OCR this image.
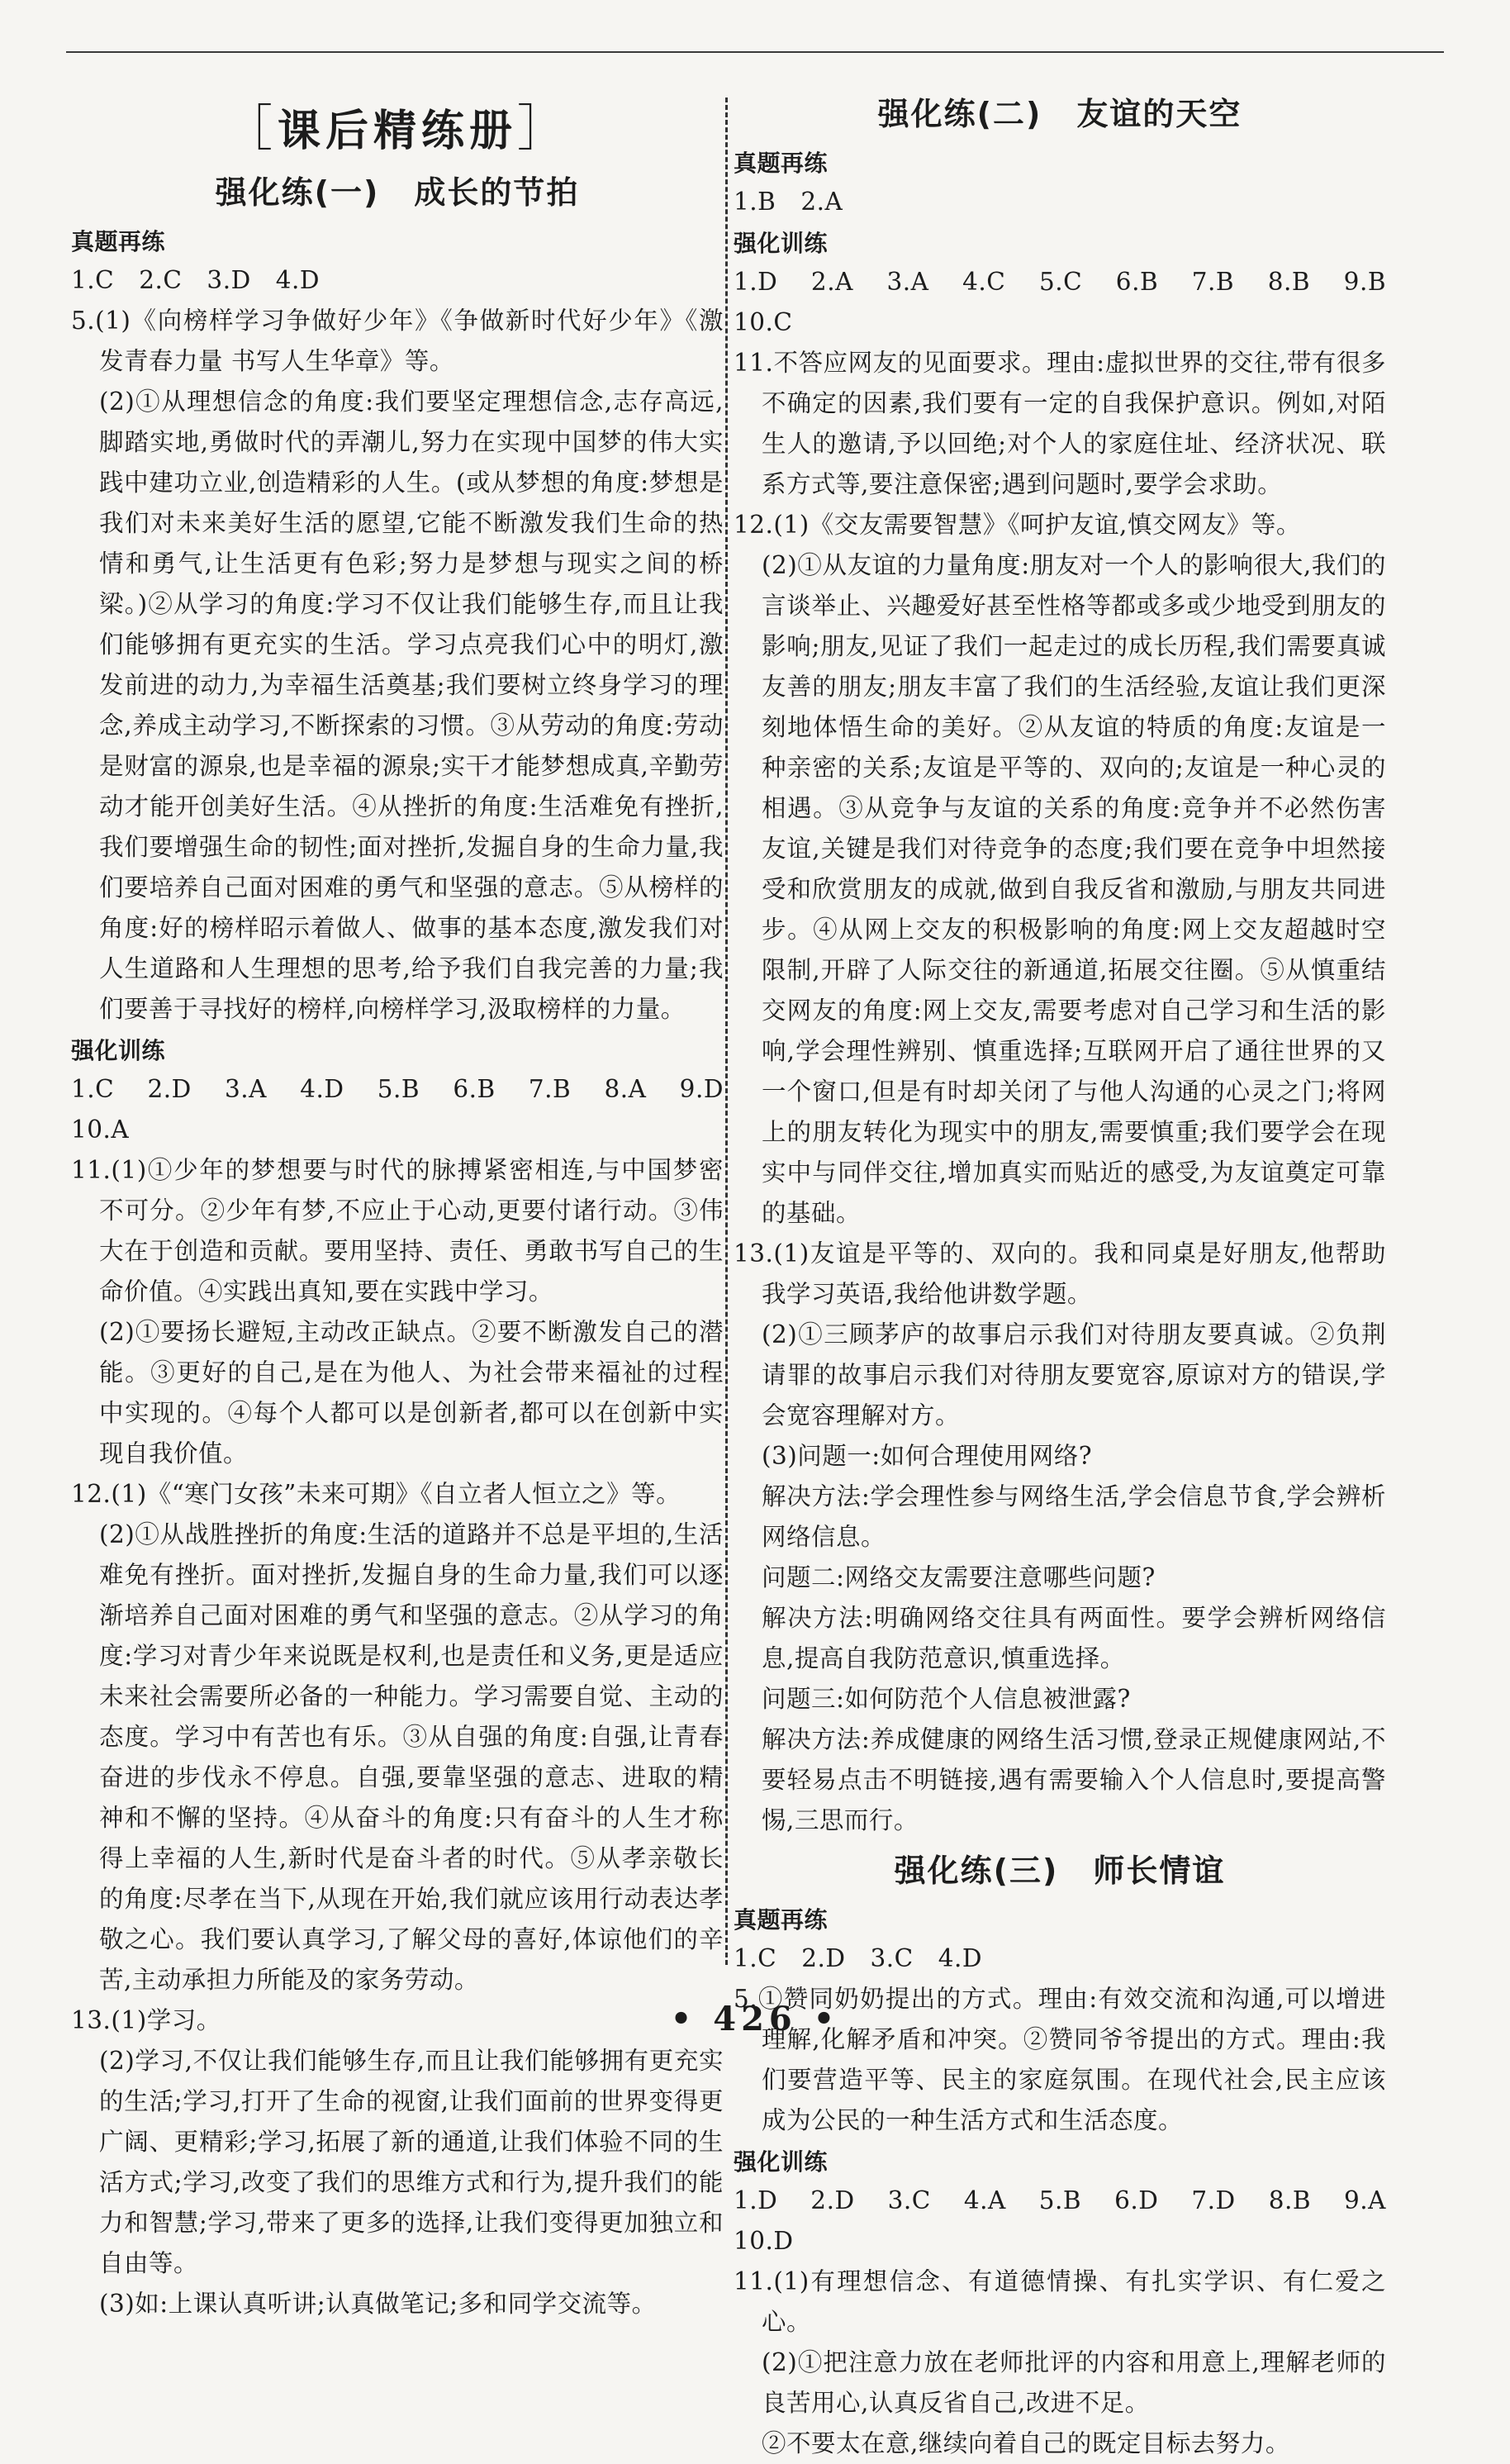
［课后精练册］
强化练(一) 成长的节拍
真题再练
1.C　2.C　3.D　4.D
5.(1)《向榜样学习争做好少年》《争做新时代好少年》《激发青春力量 书写人生华章》等。
(2)①从理想信念的角度:我们要坚定理想信念,志存高远,脚踏实地,勇做时代的弄潮儿,努力在实现中国梦的伟大实践中建功立业,创造精彩的人生。(或从梦想的角度:梦想是我们对未来美好生活的愿望,它能不断激发我们生命的热情和勇气,让生活更有色彩;努力是梦想与现实之间的桥梁。)②从学习的角度:学习不仅让我们能够生存,而且让我们能够拥有更充实的生活。学习点亮我们心中的明灯,激发前进的动力,为幸福生活奠基;我们要树立终身学习的理念,养成主动学习,不断探索的习惯。③从劳动的角度:劳动是财富的源泉,也是幸福的源泉;实干才能梦想成真,辛勤劳动才能开创美好生活。④从挫折的角度:生活难免有挫折,我们要增强生命的韧性;面对挫折,发掘自身的生命力量,我们要培养自己面对困难的勇气和坚强的意志。⑤从榜样的角度:好的榜样昭示着做人、做事的基本态度,激发我们对人生道路和人生理想的思考,给予我们自我完善的力量;我们要善于寻找好的榜样,向榜样学习,汲取榜样的力量。
强化训练
1.C　2.D　3.A　4.D　5.B　6.B　7.B　8.A　9.D　10.A
11.(1)①少年的梦想要与时代的脉搏紧密相连,与中国梦密不可分。②少年有梦,不应止于心动,更要付诸行动。③伟大在于创造和贡献。要用坚持、责任、勇敢书写自己的生命价值。④实践出真知,要在实践中学习。
(2)①要扬长避短,主动改正缺点。②要不断激发自己的潜能。③更好的自己,是在为他人、为社会带来福祉的过程中实现的。④每个人都可以是创新者,都可以在创新中实现自我价值。
12.(1)《“寒门女孩”未来可期》《自立者人恒立之》等。
(2)①从战胜挫折的角度:生活的道路并不总是平坦的,生活难免有挫折。面对挫折,发掘自身的生命力量,我们可以逐渐培养自己面对困难的勇气和坚强的意志。②从学习的角度:学习对青少年来说既是权利,也是责任和义务,更是适应未来社会需要所必备的一种能力。学习需要自觉、主动的态度。学习中有苦也有乐。③从自强的角度:自强,让青春奋进的步伐永不停息。自强,要靠坚强的意志、进取的精神和不懈的坚持。④从奋斗的角度:只有奋斗的人生才称得上幸福的人生,新时代是奋斗者的时代。⑤从孝亲敬长的角度:尽孝在当下,从现在开始,我们就应该用行动表达孝敬之心。我们要认真学习,了解父母的喜好,体谅他们的辛苦,主动承担力所能及的家务劳动。
13.(1)学习。
(2)学习,不仅让我们能够生存,而且让我们能够拥有更充实的生活;学习,打开了生命的视窗,让我们面前的世界变得更广阔、更精彩;学习,拓展了新的通道,让我们体验不同的生活方式;学习,改变了我们的思维方式和行为,提升我们的能力和智慧;学习,带来了更多的选择,让我们变得更加独立和自由等。
(3)如:上课认真听讲;认真做笔记;多和同学交流等。
强化练(二) 友谊的天空
真题再练
1.B　2.A
强化训练
1.D　2.A　3.A　4.C　5.C　6.B　7.B　8.B　9.B　10.C
11.不答应网友的见面要求。理由:虚拟世界的交往,带有很多不确定的因素,我们要有一定的自我保护意识。例如,对陌生人的邀请,予以回绝;对个人的家庭住址、经济状况、联系方式等,要注意保密;遇到问题时,要学会求助。
12.(1)《交友需要智慧》《呵护友谊,慎交网友》等。
(2)①从友谊的力量角度:朋友对一个人的影响很大,我们的言谈举止、兴趣爱好甚至性格等都或多或少地受到朋友的影响;朋友,见证了我们一起走过的成长历程,我们需要真诚友善的朋友;朋友丰富了我们的生活经验,友谊让我们更深刻地体悟生命的美好。②从友谊的特质的角度:友谊是一种亲密的关系;友谊是平等的、双向的;友谊是一种心灵的相遇。③从竞争与友谊的关系的角度:竞争并不必然伤害友谊,关键是我们对待竞争的态度;我们要在竞争中坦然接受和欣赏朋友的成就,做到自我反省和激励,与朋友共同进步。④从网上交友的积极影响的角度:网上交友超越时空限制,开辟了人际交往的新通道,拓展交往圈。⑤从慎重结交网友的角度:网上交友,需要考虑对自己学习和生活的影响,学会理性辨别、慎重选择;互联网开启了通往世界的又一个窗口,但是有时却关闭了与他人沟通的心灵之门;将网上的朋友转化为现实中的朋友,需要慎重;我们要学会在现实中与同伴交往,增加真实而贴近的感受,为友谊奠定可靠的基础。
13.(1)友谊是平等的、双向的。我和同桌是好朋友,他帮助我学习英语,我给他讲数学题。
(2)①三顾茅庐的故事启示我们对待朋友要真诚。②负荆请罪的故事启示我们对待朋友要宽容,原谅对方的错误,学会宽容理解对方。
(3)问题一:如何合理使用网络?
解决方法:学会理性参与网络生活,学会信息节食,学会辨析网络信息。
问题二:网络交友需要注意哪些问题?
解决方法:明确网络交往具有两面性。要学会辨析网络信息,提高自我防范意识,慎重选择。
问题三:如何防范个人信息被泄露?
解决方法:养成健康的网络生活习惯,登录正规健康网站,不要轻易点击不明链接,遇有需要输入个人信息时,要提高警惕,三思而行。
强化练(三) 师长情谊
真题再练
1.C　2.D　3.C　4.D
5.①赞同奶奶提出的方式。理由:有效交流和沟通,可以增进理解,化解矛盾和冲突。②赞同爷爷提出的方式。理由:我们要营造平等、民主的家庭氛围。在现代社会,民主应该成为公民的一种生活方式和生活态度。
强化训练
1.D　2.D　3.C　4.A　5.B　6.D　7.D　8.B　9.A　10.D
11.(1)有理想信念、有道德情操、有扎实学识、有仁爱之心。
(2)①把注意力放在老师批评的内容和用意上,理解老师的良苦用心,认真反省自己,改进不足。
②不要太在意,继续向着自己的既定目标去努力。
• 426 •
